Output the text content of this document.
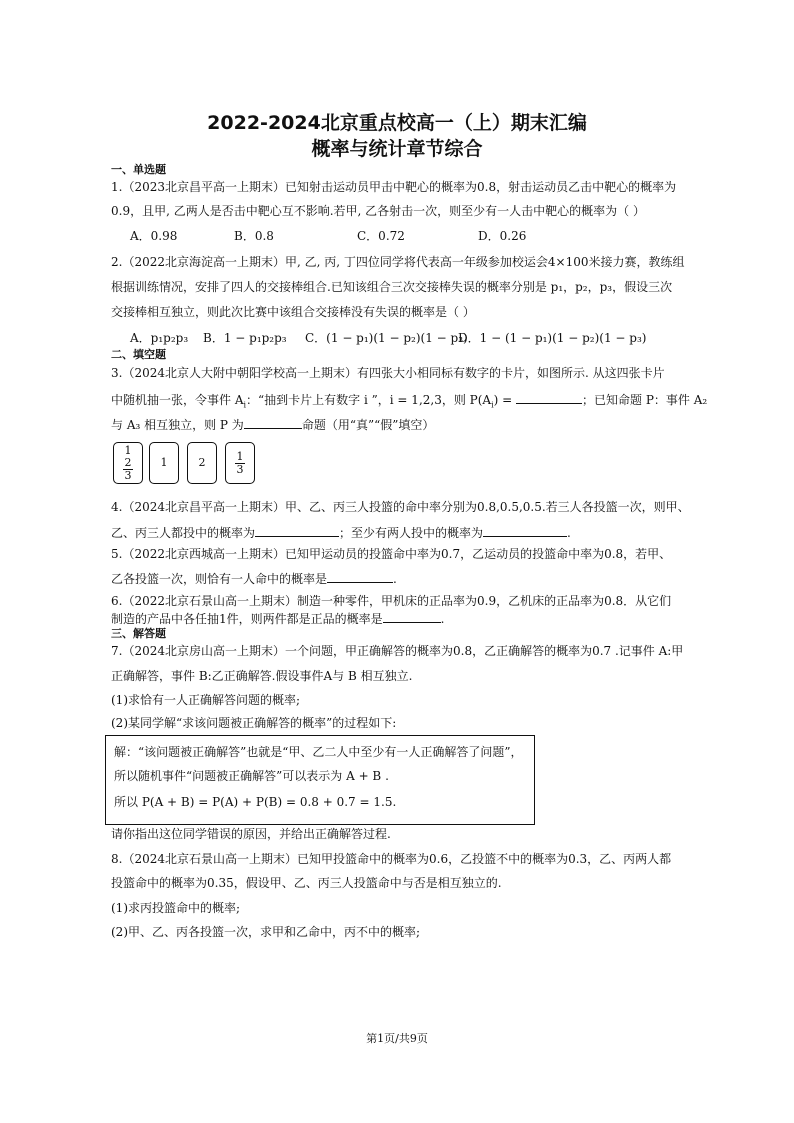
2022-2024北京重点校高一（上）期末汇编
概率与统计章节综合
一、单选题
1.（2023北京昌平高一上期末）已知射击运动员甲击中靶心的概率为0.8，射击运动员乙击中靶心的概率为
0.9，且甲, 乙两人是否击中靶心互不影响.若甲, 乙各射击一次，则至少有一人击中靶心的概率为（ ）
A．0.98	B．0.8	C．0.72	D．0.26
2.（2022北京海淀高一上期末）甲, 乙, 丙, 丁四位同学将代表高一年级参加校运会4×100米接力赛，教练组
根据训练情况，安排了四人的交接棒组合.已知该组合三次交接棒失误的概率分别是 p₁，p₂，p₃，假设三次
交接棒相互独立，则此次比赛中该组合交接棒没有失误的概率是（ ）
A．p₁p₂p₃ B．1 − p₁p₂p₃ C．(1 − p₁)(1 − p₂)(1 − p₃)
D．1 − (1 − p₁)(1 − p₂)(1 − p₃)
二、填空题
3.（2024北京人大附中朝阳学校高一上期末）有四张大小相同标有数字的卡片，如图所示. 从这四张卡片
中随机抽一张，令事件 $A_i$：“抽到卡片上有数字 i ”，i = 1,2,3，则 $P(A_i)$ =	；已知命题 P：事件 A₂
与 A₃ 相互独立，则 P 为	命题（用“真”“假”填空）
1
2
3
1	2	1
3
4.（2024北京昌平高一上期末）甲、乙、丙三人投篮的命中率分别为0.8,0.5,0.5.若三人各投篮一次，则甲、
乙、丙三人都投中的概率为	；至少有两人投中的概率为	.
5.（2022北京西城高一上期末）已知甲运动员的投篮命中率为0.7，乙运动员的投篮命中率为0.8，若甲、
乙各投篮一次，则恰有一人命中的概率是	.
6.（2022北京石景山高一上期末）制造一种零件，甲机床的正品率为0.9，乙机床的正品率为0.8．从它们
制造的产品中各任抽1件，则两件都是正品的概率是	.
三、解答题
7.（2024北京房山高一上期末）一个问题，甲正确解答的概率为0.8，乙正确解答的概率为0.7 .记事件 A:甲
正确解答，事件 B:乙正确解答.假设事件A与 B 相互独立.
(1)求恰有一人正确解答问题的概率;
(2)某同学解“求该问题被正确解答的概率”的过程如下:
解：“该问题被正确解答”也就是“甲、乙二人中至少有一人正确解答了问题”，
所以随机事件“问题被正确解答”可以表示为 A + B .
所以 P(A + B) = P(A) + P(B) = 0.8 + 0.7 = 1.5.
请你指出这位同学错误的原因，并给出正确解答过程.
8.（2024北京石景山高一上期末）已知甲投篮命中的概率为0.6，乙投篮不中的概率为0.3，乙、丙两人都
投篮命中的概率为0.35，假设甲、乙、丙三人投篮命中与否是相互独立的.
(1)求丙投篮命中的概率;
(2)甲、乙、丙各投篮一次，求甲和乙命中，丙不中的概率;
第1页/共9页
